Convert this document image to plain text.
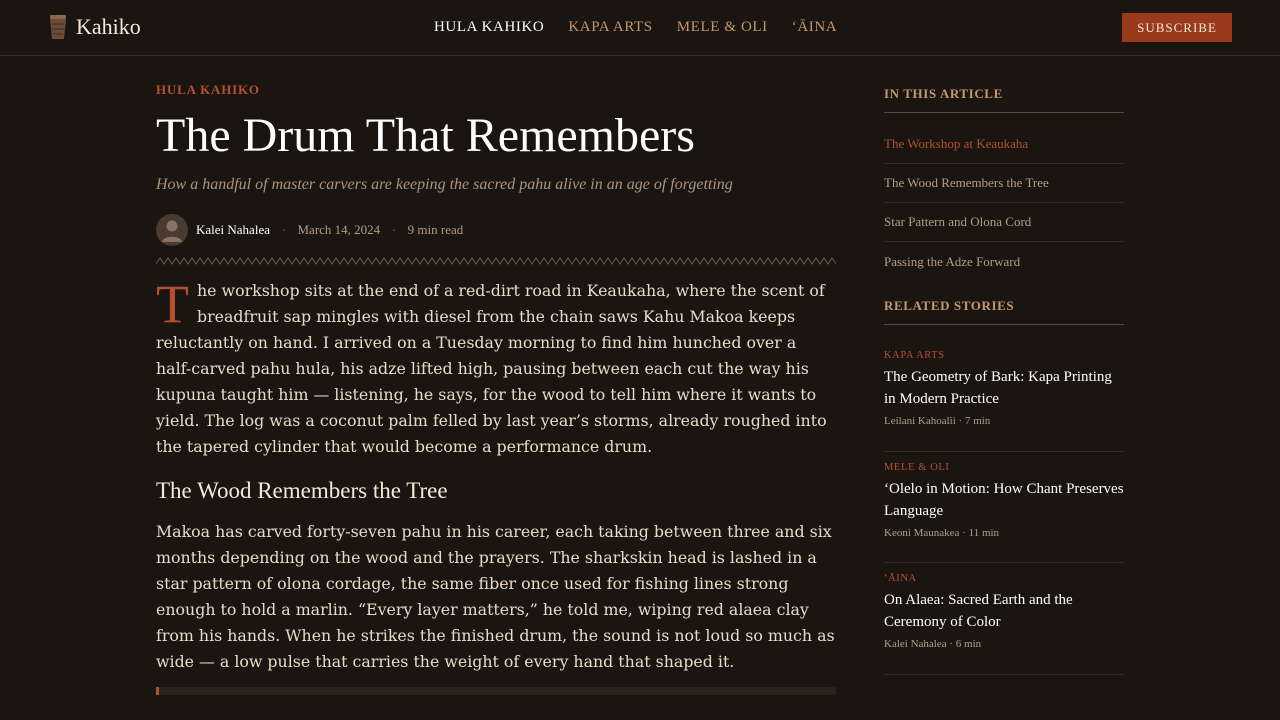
Kahiko	HULA KAHIKO KAPA ARTS MELE & OLI ʻĀINA	SUBSCRIBE
HULA KAHIKO
The Drum That Remembers

How a handful of master carvers are keeping the sacred pahu alive in an age of forgetting

Kalei Nahalea · March 14, 2024 · 9 min read
T he workshop sits at the end of a red-dirt road in Keaukaha, where the scent of breadfruit sap mingles with diesel from the chain saws Kahu Makoa keeps reluctantly on hand. I arrived on a Tuesday morning to find him hunched over a half-carved pahu hula, his adze lifted high, pausing between each cut the way his kupuna taught him — listening, he says, for the wood to tell him where it wants to yield. The log was a coconut palm felled by last year’s storms, already roughed into the tapered cylinder that would become a performance drum.
The Wood Remembers the Tree
Makoa has carved forty-seven pahu in his career, each taking between three and six months depending on the wood and the prayers. The sharkskin head is lashed in a star pattern of olona cordage, the same fiber once used for fishing lines strong enough to hold a marlin. “Every layer matters,” he told me, wiping red alaea clay from his hands. When he strikes the finished drum, the sound is not loud so much as wide — a low pulse that carries the weight of every hand that shaped it.
IN THIS ARTICLE
The Workshop at Keaukaha
The Wood Remembers the Tree
Star Pattern and Olona Cord
Passing the Adze Forward
RELATED STORIES
KAPA ARTS
The Geometry of Bark: Kapa Printing in Modern Practice
Leilani Kahoalii · 7 min
MELE & OLI
ʻOlelo in Motion: How Chant Preserves Language
Keoni Maunakea · 11 min
ʻĀINA
On Alaea: Sacred Earth and the Ceremony of Color
Kalei Nahalea · 6 min
